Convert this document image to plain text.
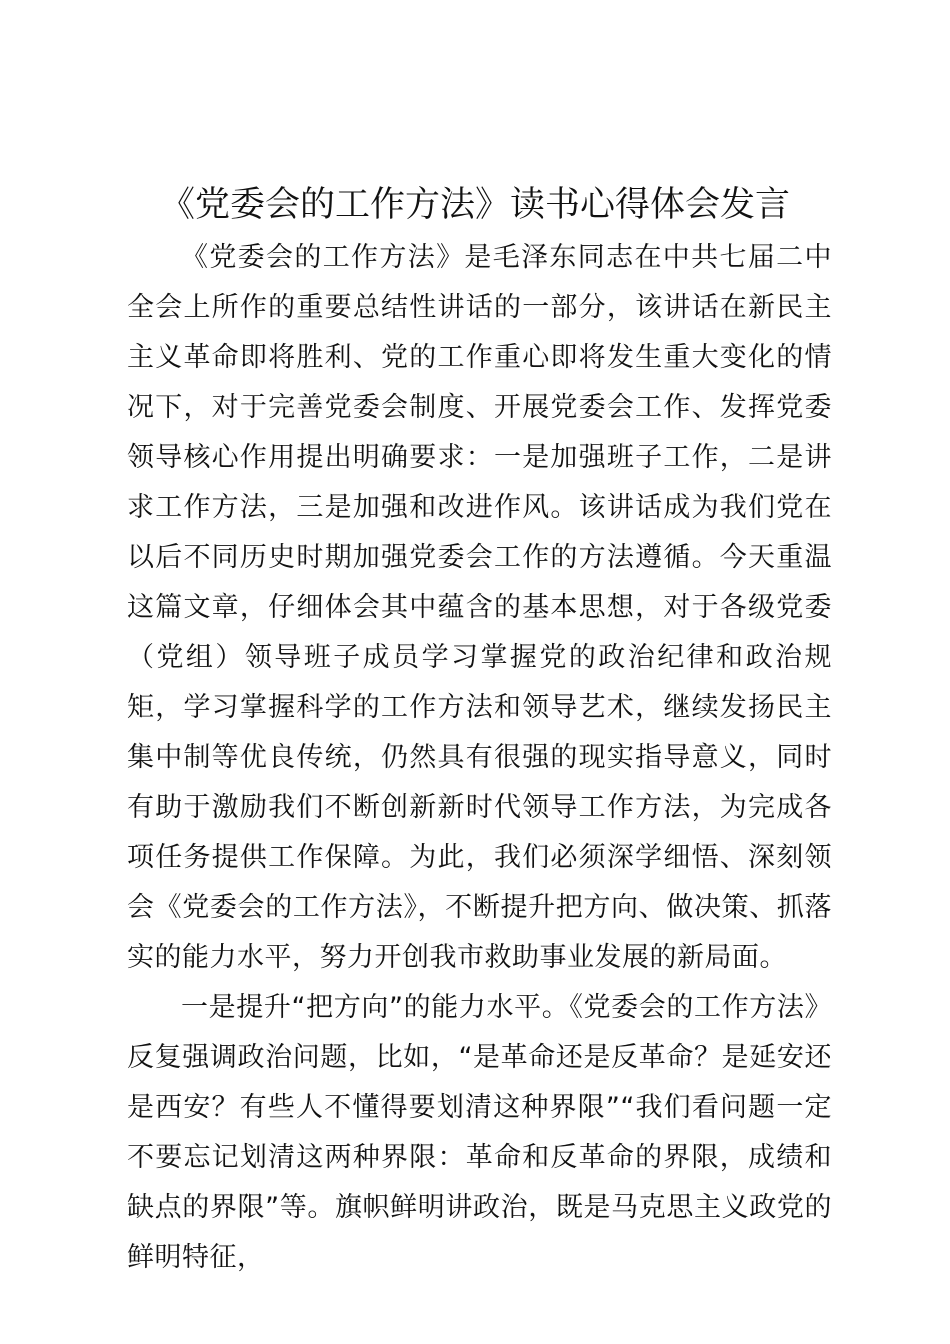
《党委会的工作方法》读书心得体会发言

《党委会的工作方法》是毛泽东同志在中共七届二中全会上所作的重要总结性讲话的一部分，该讲话在新民主主义革命即将胜利、党的工作重心即将发生重大变化的情况下，对于完善党委会制度、开展党委会工作、发挥党委领导核心作用提出明确要求：一是加强班子工作，二是讲求工作方法，三是加强和改进作风。该讲话成为我们党在以后不同历史时期加强党委会工作的方法遵循。今天重温这篇文章，仔细体会其中蕴含的基本思想，对于各级党委（党组）领导班子成员学习掌握党的政治纪律和政治规矩，学习掌握科学的工作方法和领导艺术，继续发扬民主集中制等优良传统，仍然具有很强的现实指导意义，同时有助于激励我们不断创新新时代领导工作方法，为完成各项任务提供工作保障。为此，我们必须深学细悟、深刻领会《党委会的工作方法》，不断提升把方向、做决策、抓落实的能力水平，努力开创我市救助事业发展的新局面。

一是提升“把方向”的能力水平。《党委会的工作方法》反复强调政治问题，比如，“是革命还是反革命？是延安还是西安？有些人不懂得要划清这种界限”“我们看问题一定不要忘记划清这两种界限：革命和反革命的界限，成绩和缺点的界限”等。旗帜鲜明讲政治，既是马克思主义政党的鲜明特征，
